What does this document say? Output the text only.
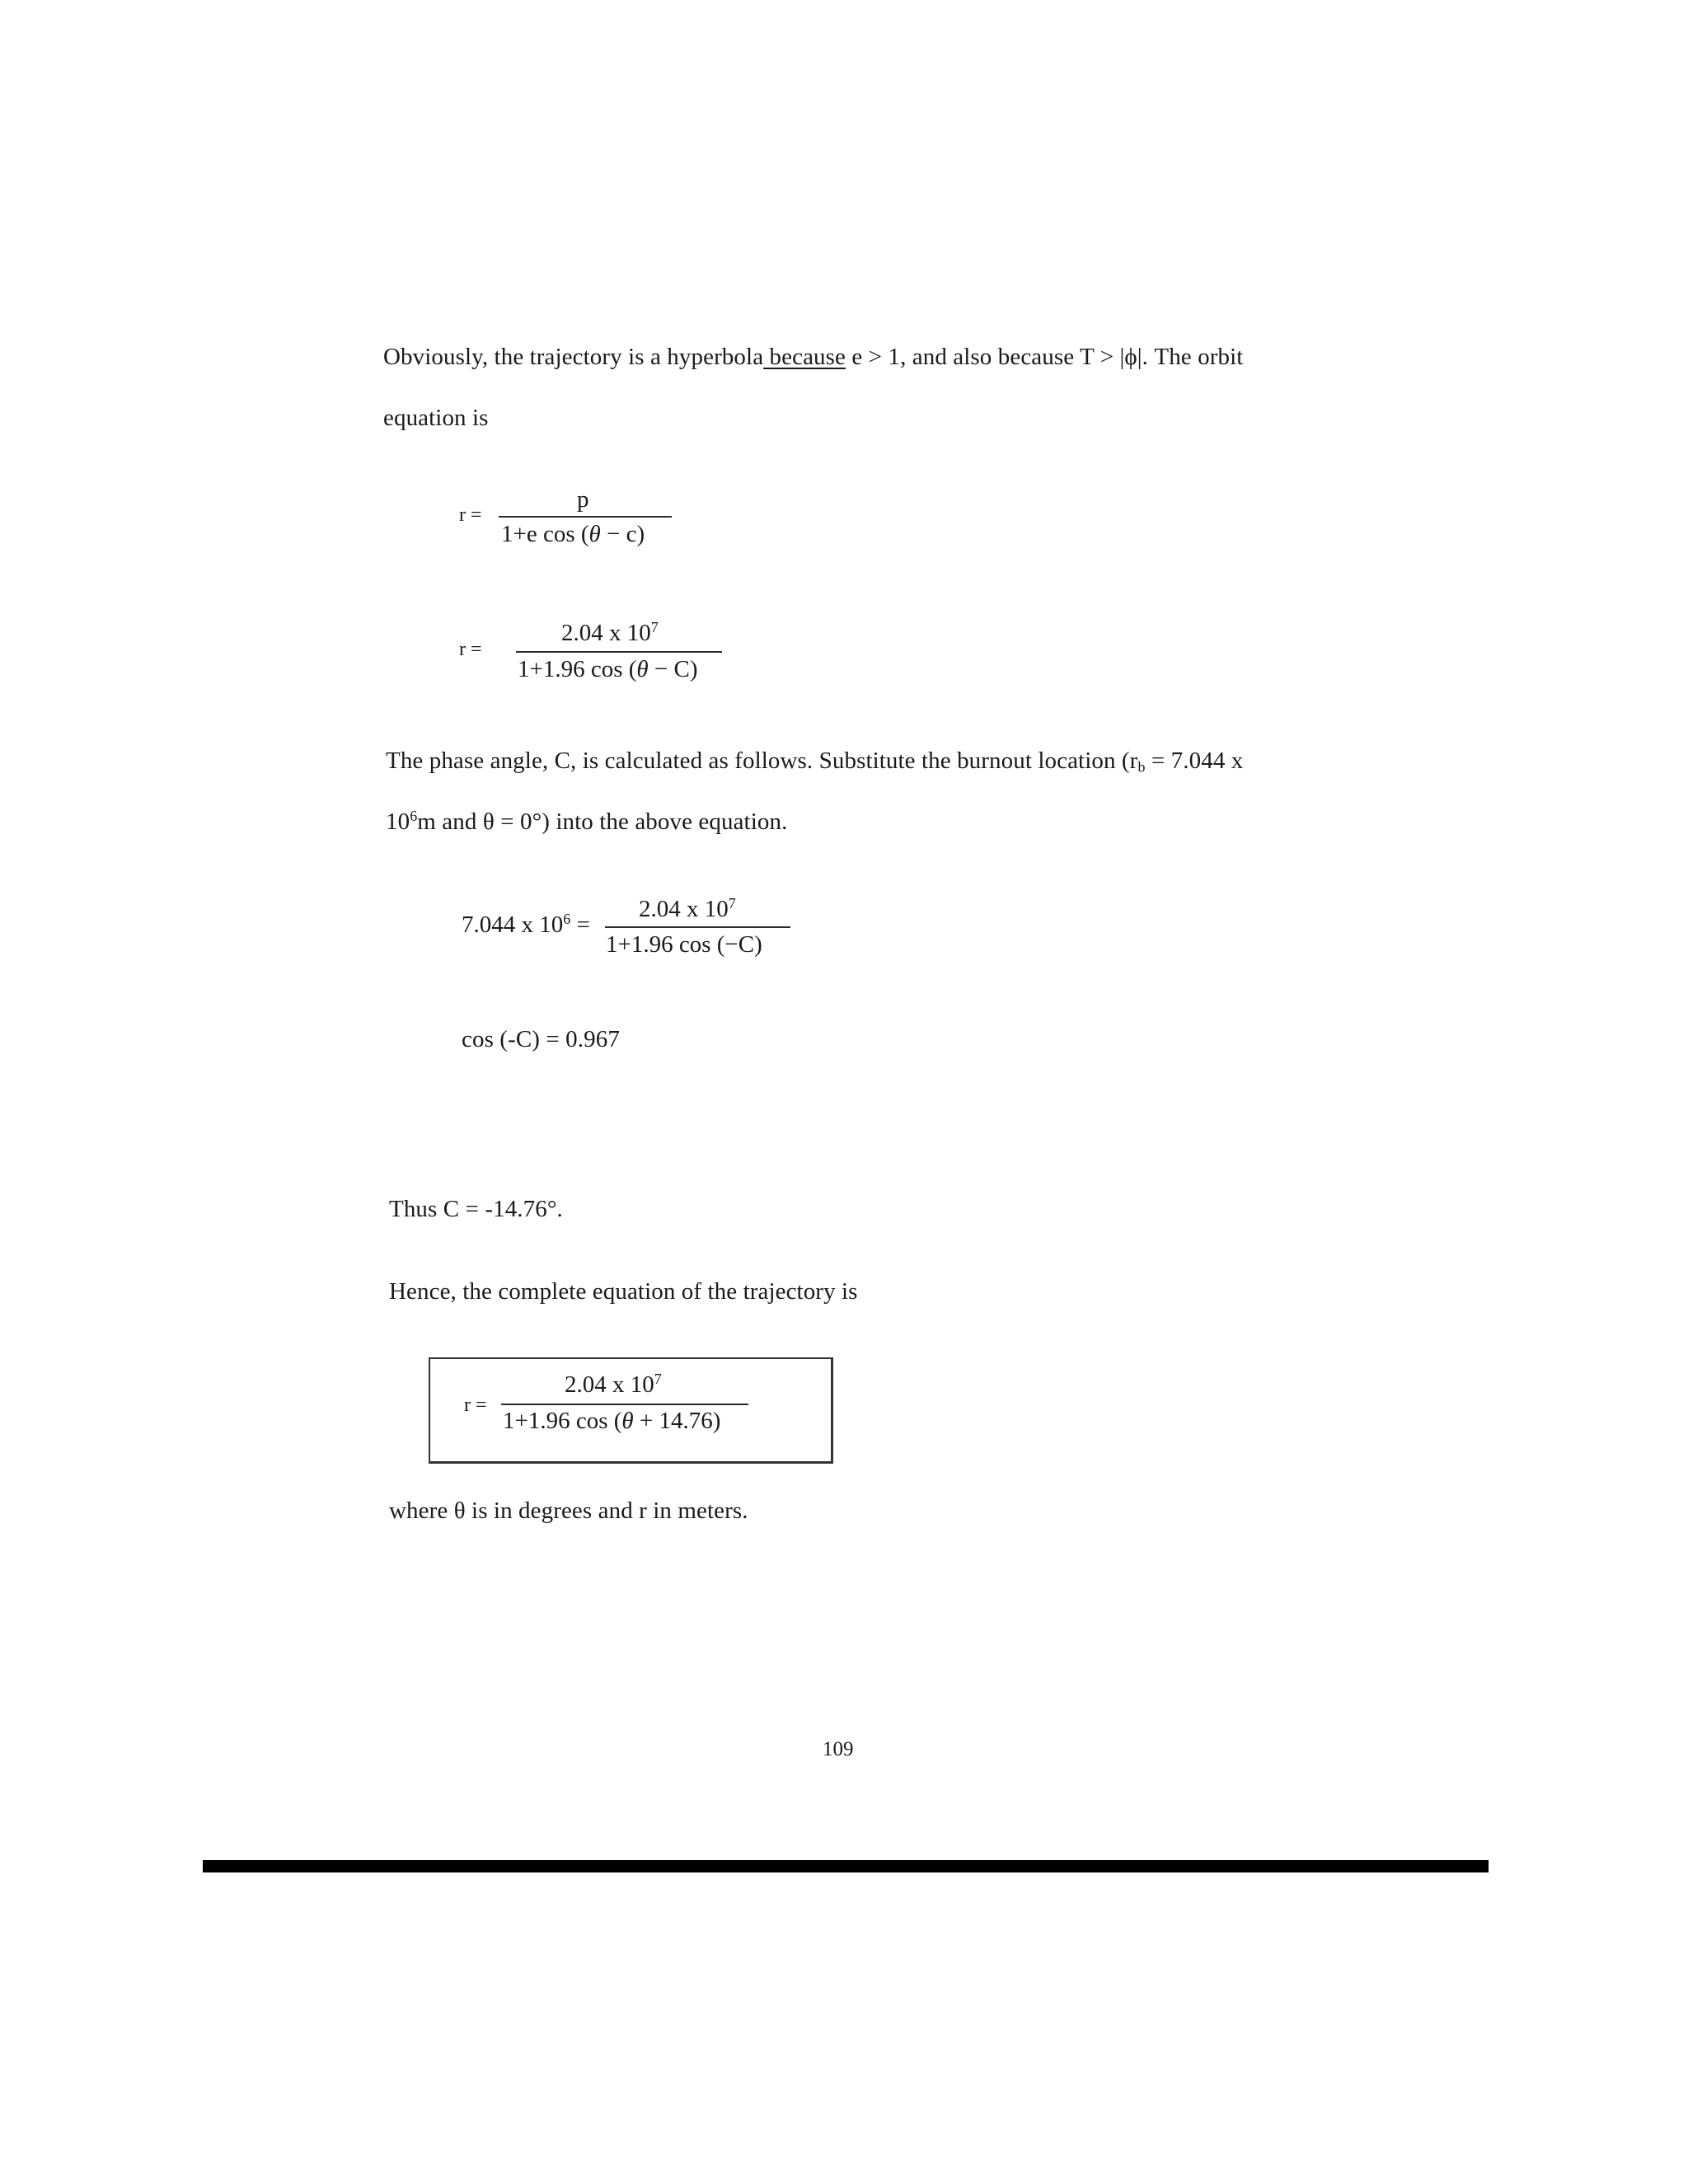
Obviously, the trajectory is a hyperbola because e > 1, and also because T > |ϕ|. The orbit
equation is
r =
p
1+e cos (θ − c)
r =
2.04 x $10^7$
1+1.96 cos (θ − C)
The phase angle, C, is calculated as follows. Substitute the burnout location ($r_b = 7.044$ x
$10^6m$ and θ = 0°) into the above equation.
7.044 x $10^6$ =
2.04 x $10^7$
1+1.96 cos (−C)
cos (-C) = 0.967
Thus C = -14.76°.
Hence, the complete equation of the trajectory is
r =
2.04 x $10^7$
1+1.96 cos (θ + 14.76)
where θ is in degrees and r in meters.
109
